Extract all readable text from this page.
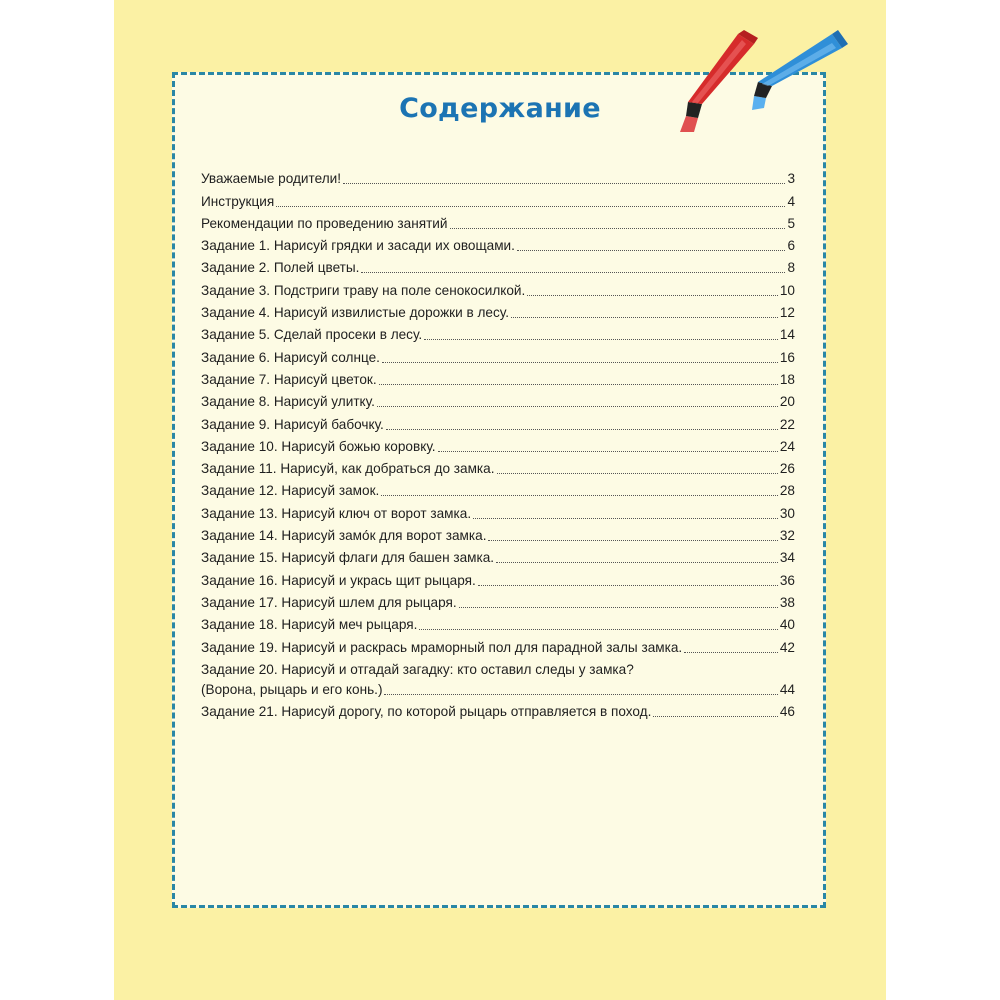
Содержание
Уважаемые родители!	3
Инструкция	4
Рекомендации по проведению занятий	5
Задание 1. Нарисуй грядки и засади их овощами.	6
Задание 2. Полей цветы.	8
Задание 3. Подстриги траву на поле сенокосилкой.	10
Задание 4. Нарисуй извилистые дорожки в лесу.	12
Задание 5. Сделай просеки в лесу.	14
Задание 6. Нарисуй солнце.	16
Задание 7. Нарисуй цветок.	18
Задание 8. Нарисуй улитку.	20
Задание 9. Нарисуй бабочку.	22
Задание 10. Нарисуй божью коровку.	24
Задание 11. Нарисуй, как добраться до замка.	26
Задание 12. Нарисуй замок.	28
Задание 13. Нарисуй ключ от ворот замка.	30
Задание 14. Нарисуй замо́к для ворот замка.	32
Задание 15. Нарисуй флаги для башен замка.	34
Задание 16. Нарисуй и укрась щит рыцаря.	36
Задание 17. Нарисуй шлем для рыцаря.	38
Задание 18. Нарисуй меч рыцаря.	40
Задание 19. Нарисуй и раскрась мраморный пол для парадной залы замка.	42
Задание 20. Нарисуй и отгадай загадку: кто оставил следы у замка?
(Ворона, рыцарь и его конь.)	44
Задание 21. Нарисуй дорогу, по которой рыцарь отправляется в поход.	46
